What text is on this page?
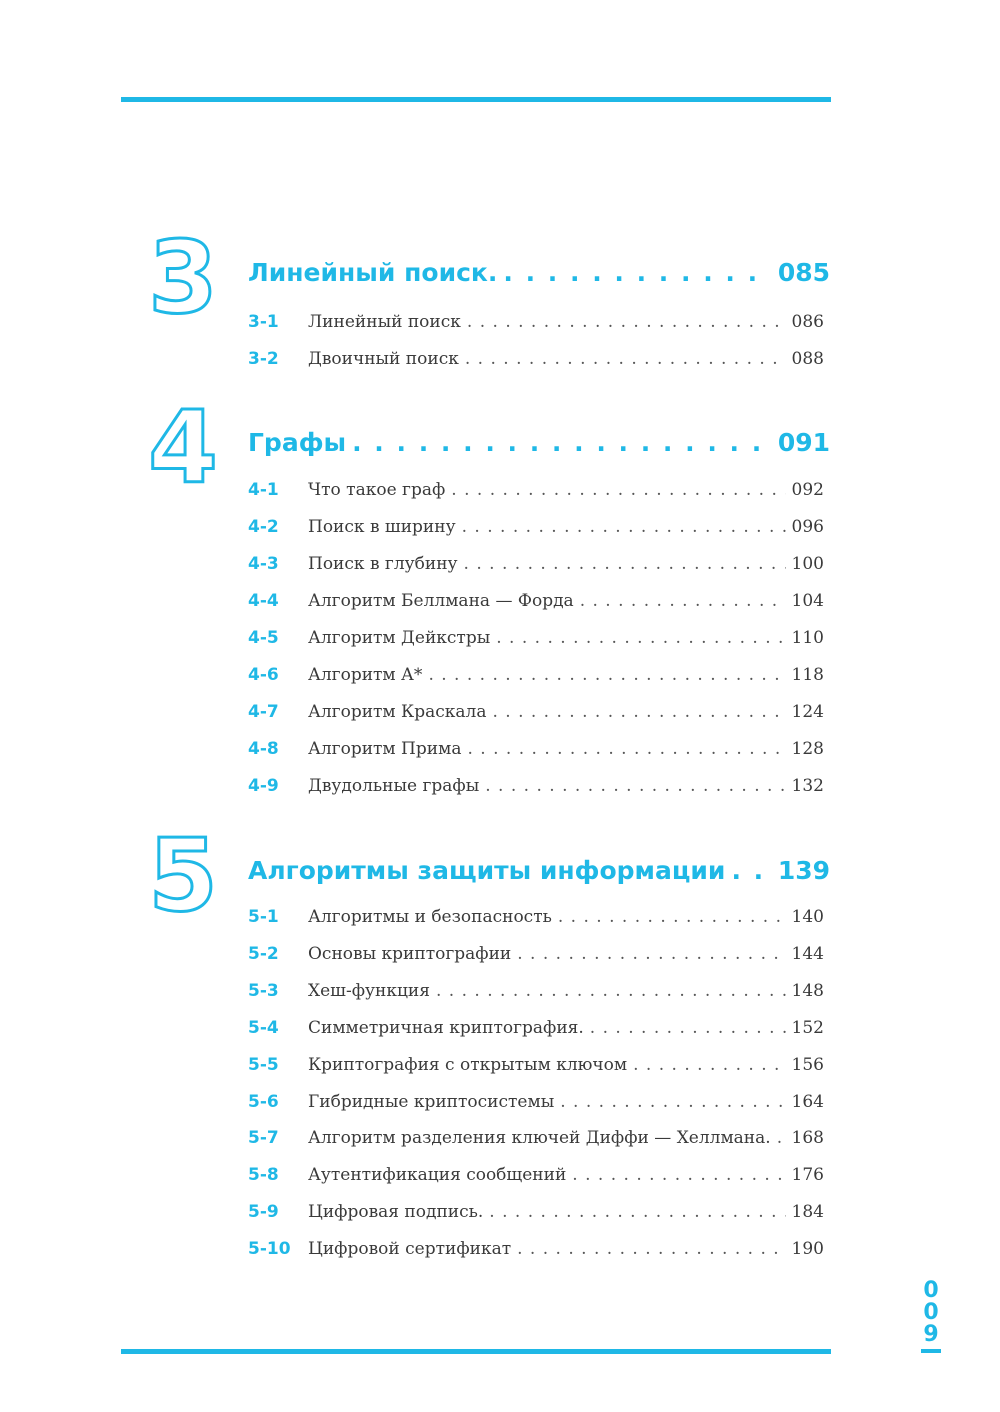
3 Линейный поиск. . . .	085
3-1	Линейный поиск . . .	086
3-2	Двоичный поиск . . .	088
4 Графы . . .	091
4-1	Что такое граф . . .	092
4-2	Поиск в ширину . . .	096
4-3	Поиск в глубину . . .	100
4-4	Алгоритм Беллмана — Форда . . .	104
4-5	Алгоритм Дейкстры . . .	110
4-6	Алгоритм А* . . .	118
4-7	Алгоритм Краскала . . .	124
4-8	Алгоритм Прима . . .	128
4-9	Двудольные графы . . .	132
5 Алгоритмы защиты информации . . . 139
5-1	Алгоритмы и безопасность . . .	140
5-2	Основы криптографии . . .	144
5-3	Хеш-функция . . .	148
5-4	Симметричная криптография. . . .	152
5-5	Криптография с открытым ключом . . .	156
5-6	Гибридные криптосистемы . . .	164
5-7	Алгоритм разделения ключей Диффи — Хеллмана. . . . 168
5-8	Аутентификация сообщений . . .	176
5-9	Цифровая подпись. . . .	184
5-10	Цифровой сертификат . . .	190
0
0
9
